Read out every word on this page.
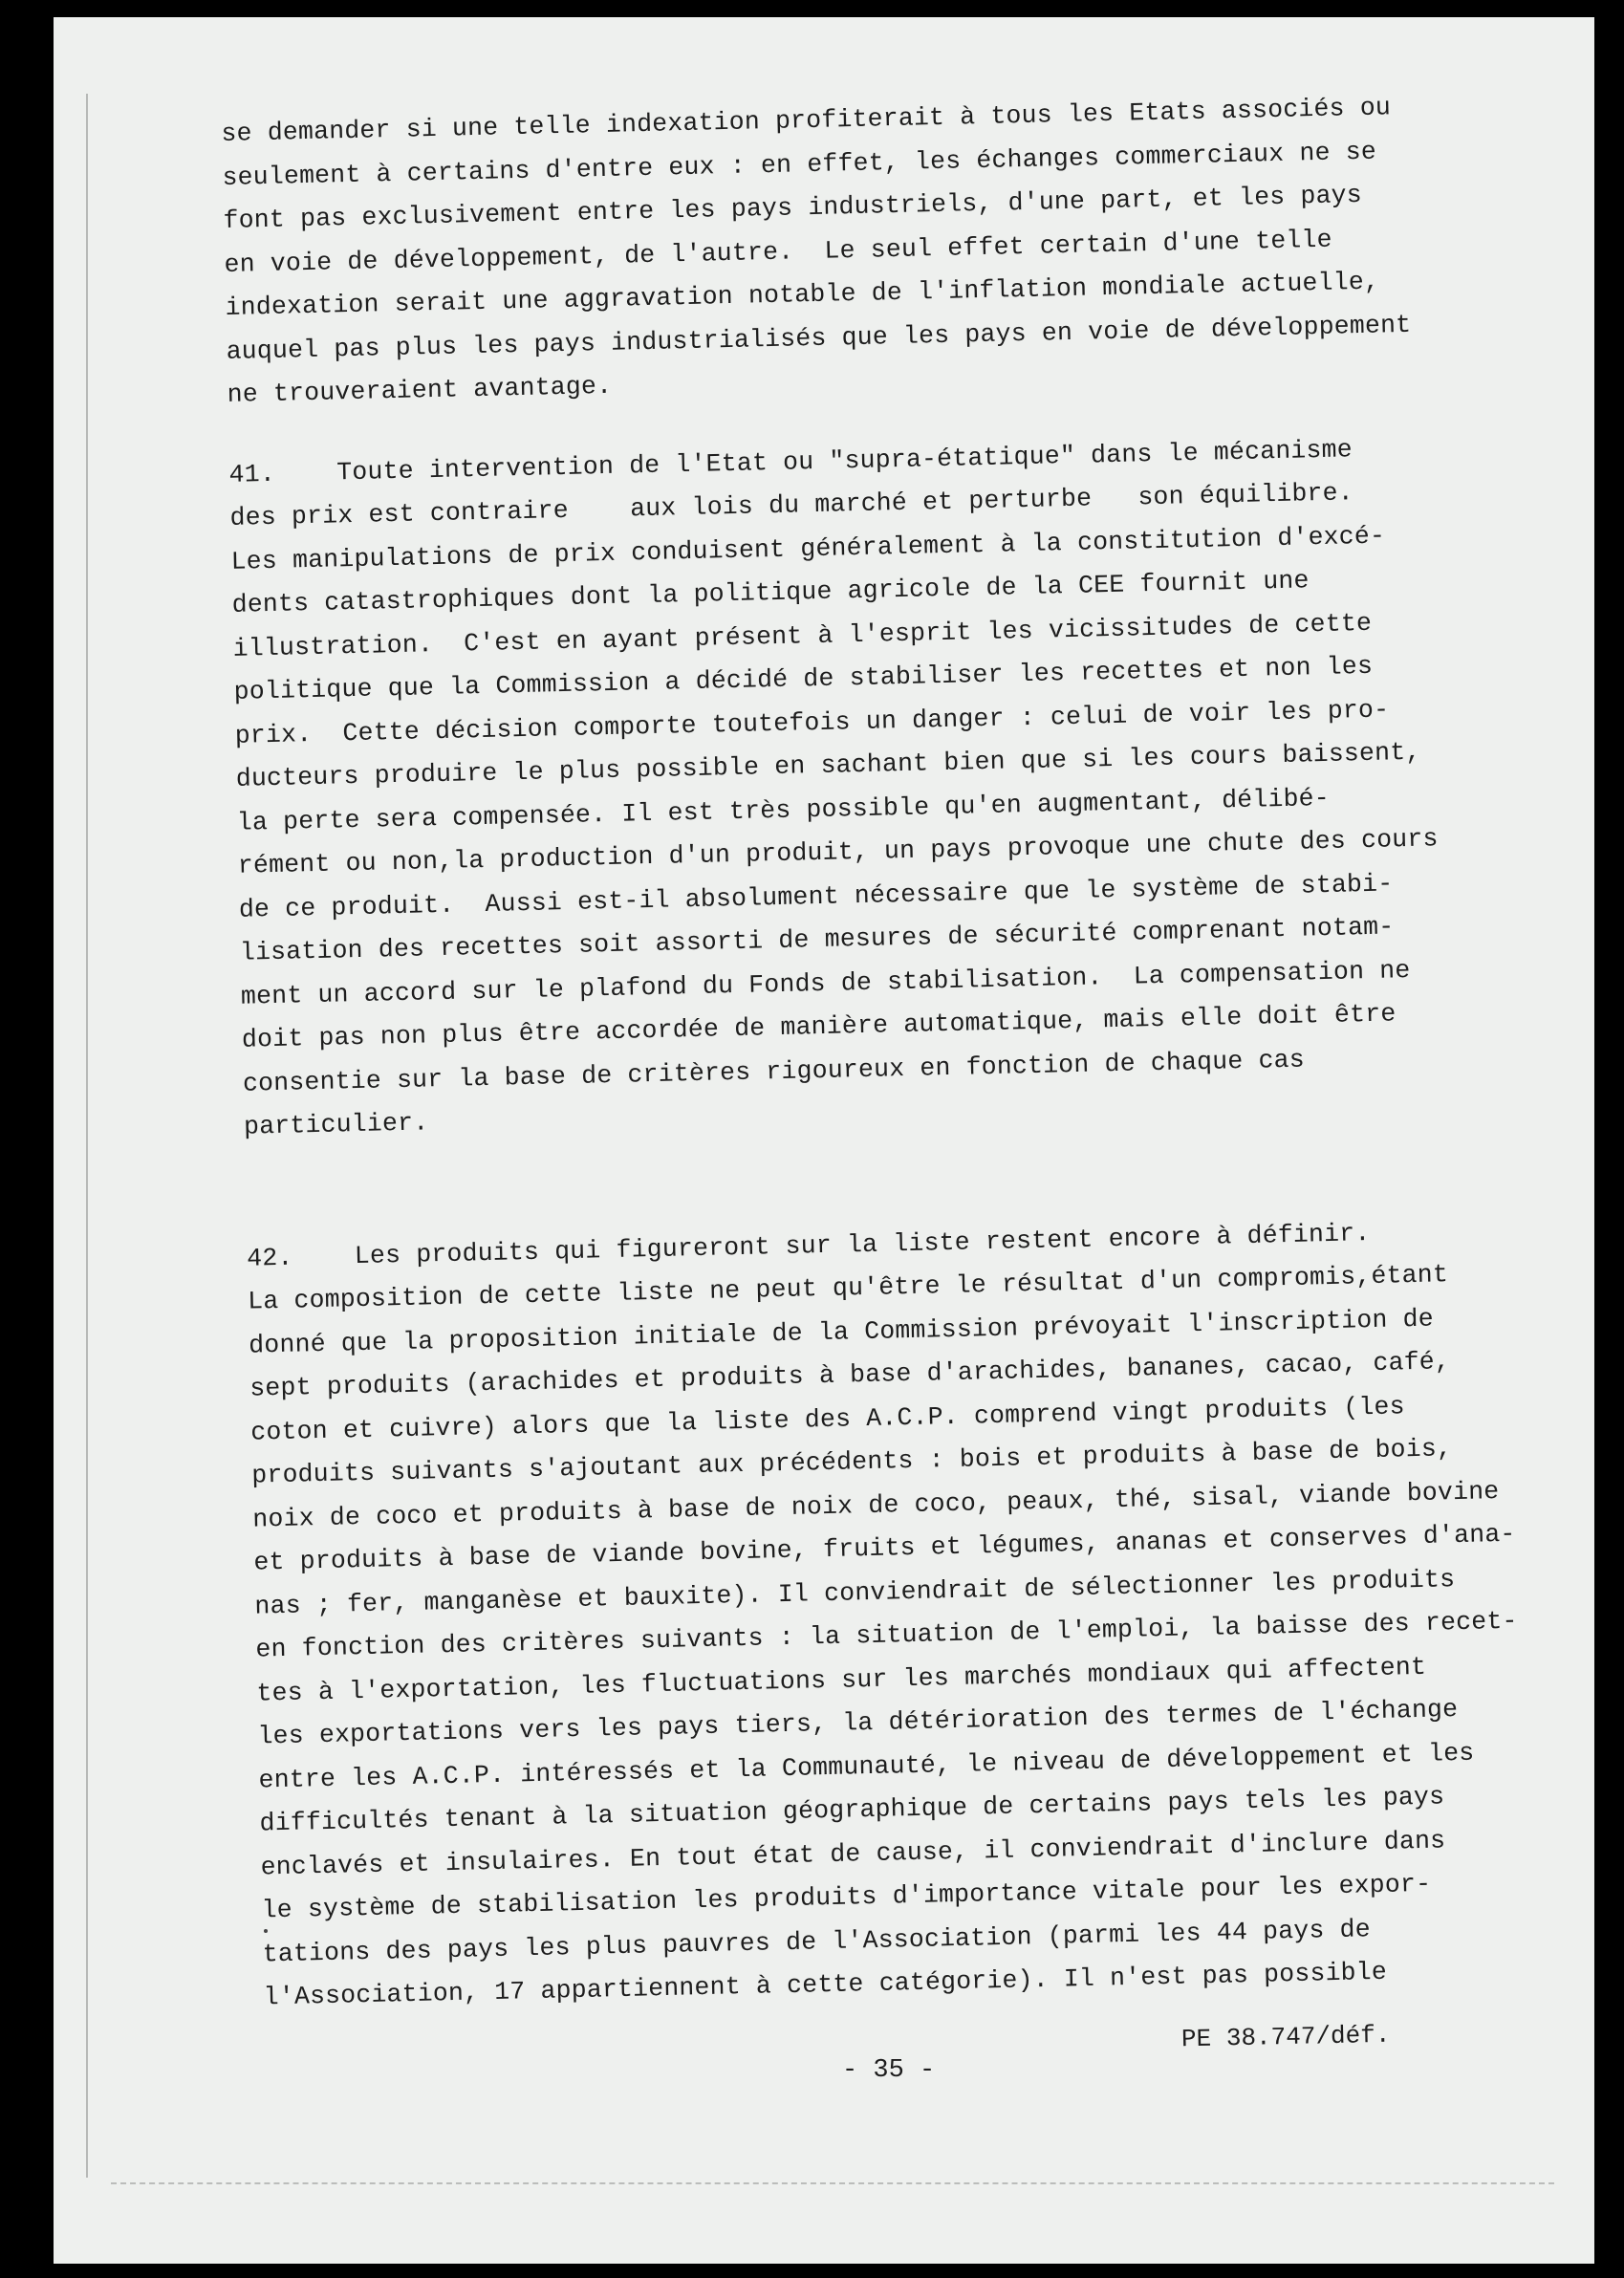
se demander si une telle indexation profiterait à tous les Etats associés ou
seulement à certains d'entre eux : en effet, les échanges commerciaux ne se
font pas exclusivement entre les pays industriels, d'une part, et les pays
en voie de développement, de l'autre.  Le seul effet certain d'une telle
indexation serait une aggravation notable de l'inflation mondiale actuelle,
auquel pas plus les pays industrialisés que les pays en voie de développement
ne trouveraient avantage.
41.    Toute intervention de l'Etat ou "supra-étatique" dans le mécanisme
des prix est contraire    aux lois du marché et perturbe   son équilibre.
Les manipulations de prix conduisent généralement à la constitution d'excé-
dents catastrophiques dont la politique agricole de la CEE fournit une
illustration.  C'est en ayant présent à l'esprit les vicissitudes de cette
politique que la Commission a décidé de stabiliser les recettes et non les
prix.  Cette décision comporte toutefois un danger : celui de voir les pro-
ducteurs produire le plus possible en sachant bien que si les cours baissent,
la perte sera compensée. Il est très possible qu'en augmentant, délibé-
rément ou non,la production d'un produit, un pays provoque une chute des cours
de ce produit.  Aussi est-il absolument nécessaire que le système de stabi-
lisation des recettes soit assorti de mesures de sécurité comprenant notam-
ment un accord sur le plafond du Fonds de stabilisation.  La compensation ne
doit pas non plus être accordée de manière automatique, mais elle doit être
consentie sur la base de critères rigoureux en fonction de chaque cas
particulier.
42.    Les produits qui figureront sur la liste restent encore à définir.
La composition de cette liste ne peut qu'être le résultat d'un compromis,étant
donné que la proposition initiale de la Commission prévoyait l'inscription de
sept produits (arachides et produits à base d'arachides, bananes, cacao, café,
coton et cuivre) alors que la liste des A.C.P. comprend vingt produits (les
produits suivants s'ajoutant aux précédents : bois et produits à base de bois,
noix de coco et produits à base de noix de coco, peaux, thé, sisal, viande bovine
et produits à base de viande bovine, fruits et légumes, ananas et conserves d'ana-
nas ; fer, manganèse et bauxite). Il conviendrait de sélectionner les produits
en fonction des critères suivants : la situation de l'emploi, la baisse des recet-
tes à l'exportation, les fluctuations sur les marchés mondiaux qui affectent
les exportations vers les pays tiers, la détérioration des termes de l'échange
entre les A.C.P. intéressés et la Communauté, le niveau de développement et les
difficultés tenant à la situation géographique de certains pays tels les pays
enclavés et insulaires. En tout état de cause, il conviendrait d'inclure dans
le système de stabilisation les produits d'importance vitale pour les expor-
tations des pays les plus pauvres de l'Association (parmi les 44 pays de
l'Association, 17 appartiennent à cette catégorie). Il n'est pas possible
PE 38.747/déf.
- 35 -
